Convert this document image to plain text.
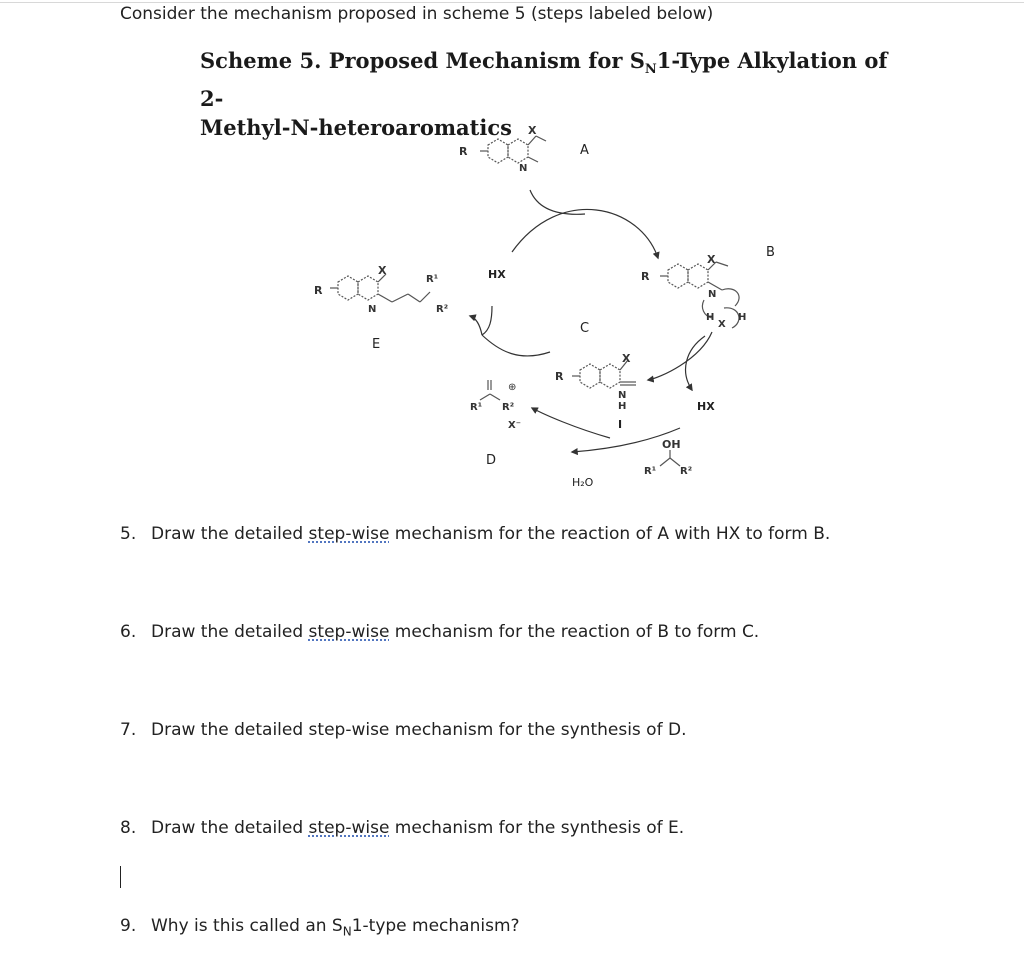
Consider the mechanism proposed in scheme 5 (steps labeled below)
Scheme 5. Proposed Mechanism for $S_N1$-Type Alkylation of 2-
Methyl-N-heteroaromatics
R
X
N
A
R
X
N
H
X
H
B
HX
R
X
N
H
C
I
OH
R¹ R²
H₂O
⊕
R¹ R²
X⁻
D
HX
R
X
N
R¹
R²
E
5. Draw the detailed step-wise mechanism for the reaction of A with HX to form B.
6. Draw the detailed step-wise mechanism for the reaction of B to form C.
7. Draw the detailed step-wise mechanism for the synthesis of D.
8. Draw the detailed step-wise mechanism for the synthesis of E.
9. Why is this called an $S_N1$-type mechanism?
